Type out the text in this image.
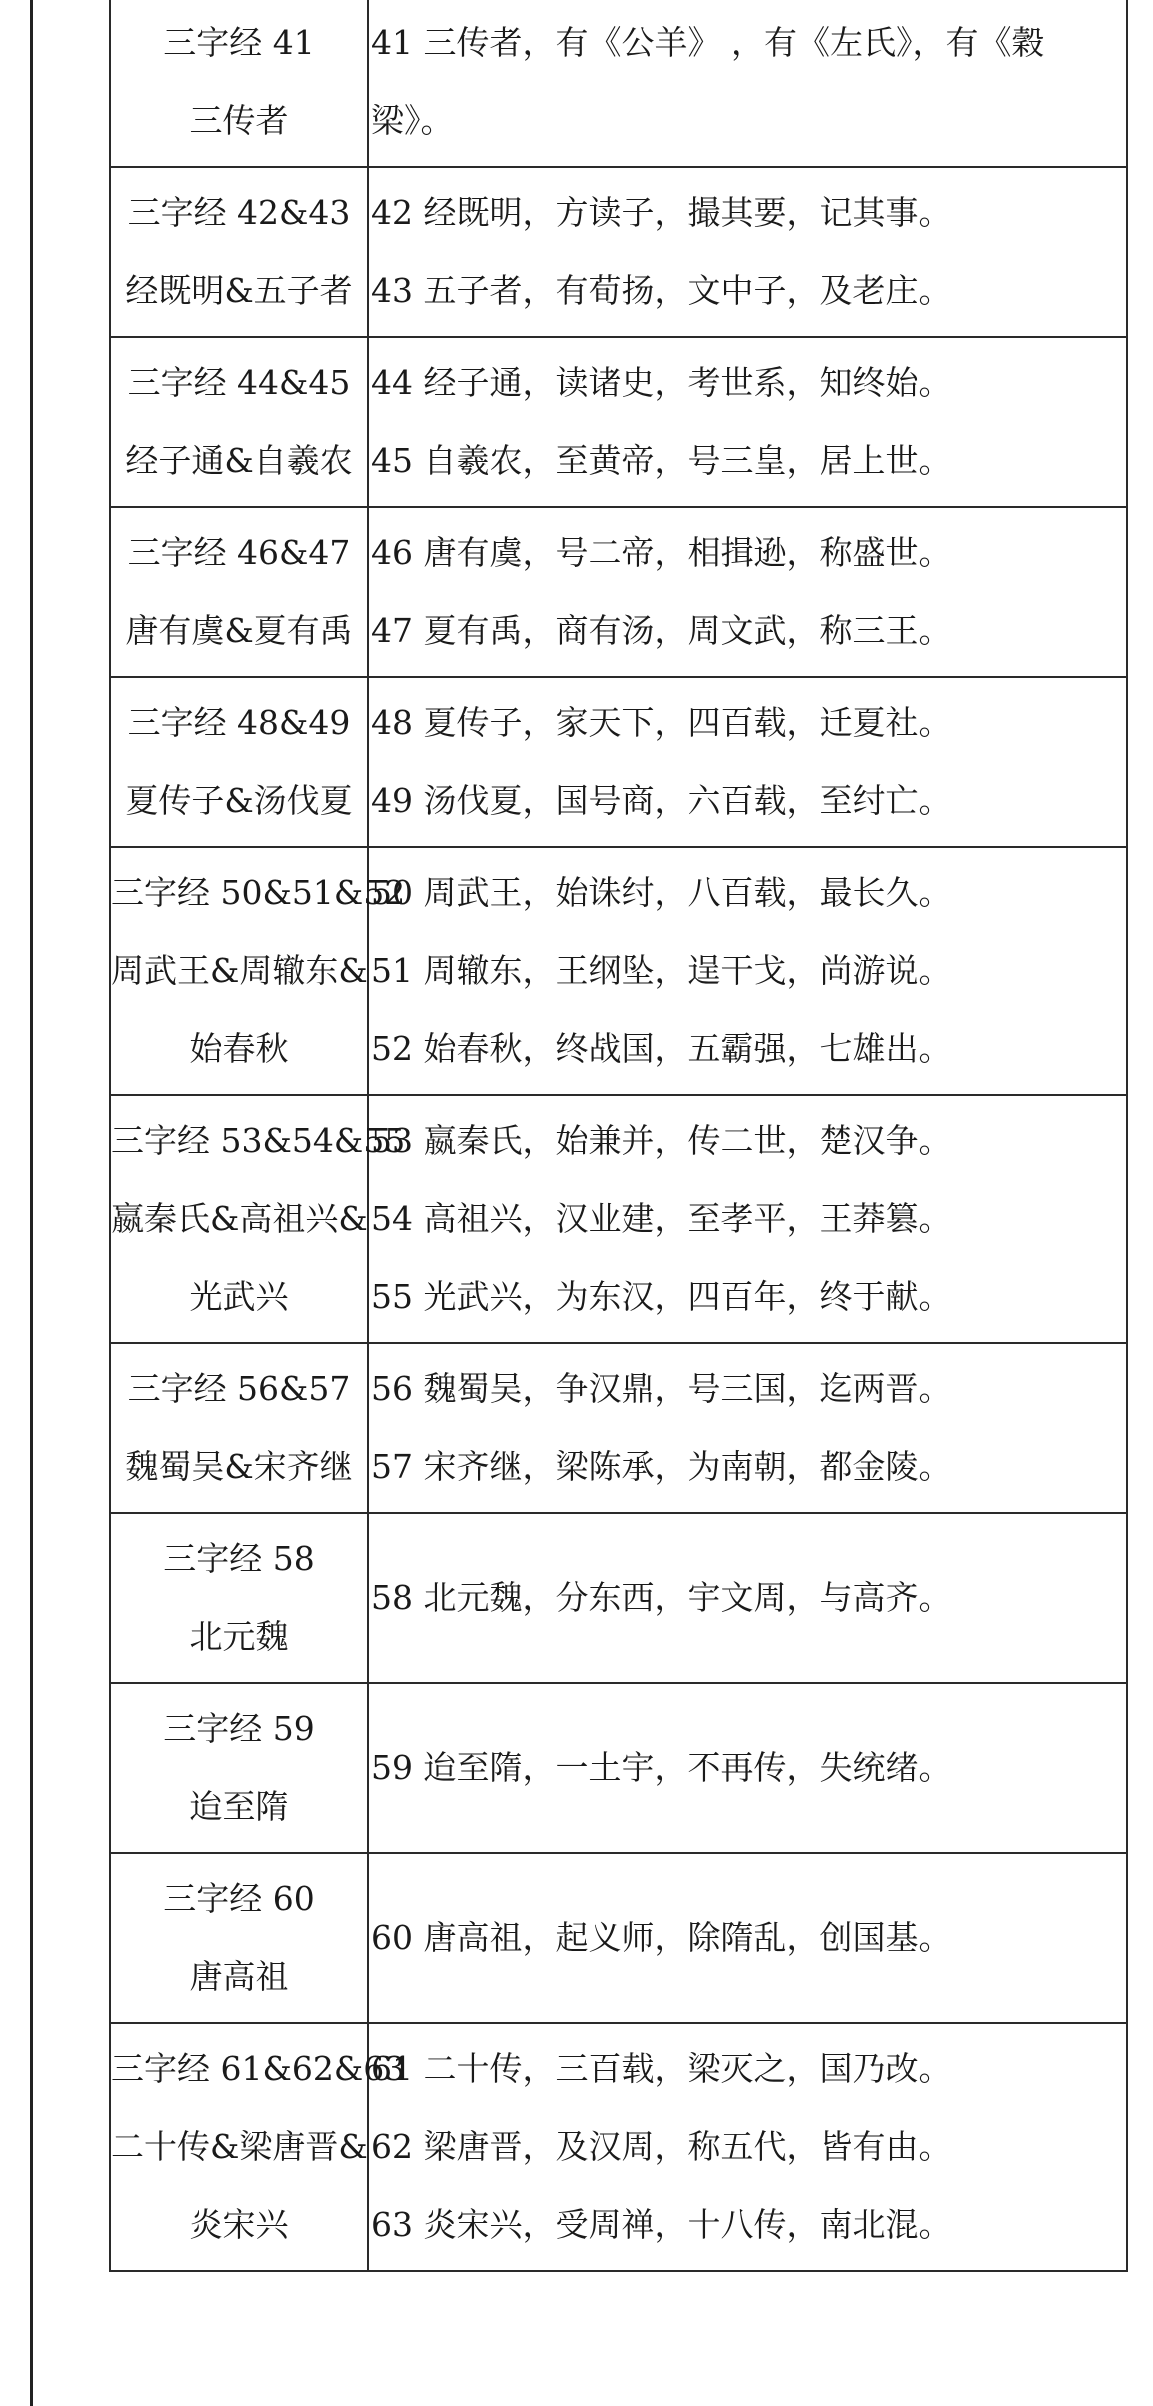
三字经 41
三传者	41 三传者，有《公羊》 ，有《左氏》，有《穀
梁》。

三字经 42&43
经既明&五子者	42 经既明，方读子，撮其要，记其事。
43 五子者，有荀扬，文中子，及老庄。

三字经 44&45
经子通&自羲农	44 经子通，读诸史，考世系，知终始。
45 自羲农，至黄帝，号三皇，居上世。

三字经 46&47
唐有虞&夏有禹	46 唐有虞，号二帝，相揖逊，称盛世。
47 夏有禹，商有汤，周文武，称三王。

三字经 48&49
夏传子&汤伐夏	48 夏传子，家天下，四百载，迁夏社。
49 汤伐夏，国号商，六百载，至纣亡。

三字经 50&51&52
周武王&周辙东&
始春秋	50 周武王，始诛纣，八百载，最长久。
51 周辙东，王纲坠，逞干戈，尚游说。
52 始春秋，终战国，五霸强，七雄出。

三字经 53&54&55
嬴秦氏&高祖兴&
光武兴	53 嬴秦氏，始兼并，传二世，楚汉争。
54 高祖兴，汉业建，至孝平，王莽篡。
55 光武兴，为东汉，四百年，终于献。

三字经 56&57
魏蜀吴&宋齐继	56 魏蜀吴，争汉鼎，号三国，迄两晋。
57 宋齐继，梁陈承，为南朝，都金陵。

三字经 58
北元魏	58 北元魏，分东西，宇文周，与高齐。

三字经 59
迨至隋	59 迨至隋，一土宇，不再传，失统绪。

三字经 60
唐高祖	60 唐高祖，起义师，除隋乱，创国基。

三字经 61&62&63
二十传&梁唐晋&
炎宋兴	61 二十传，三百载，梁灭之，国乃改。
62 梁唐晋，及汉周，称五代，皆有由。
63 炎宋兴，受周禅，十八传，南北混。
